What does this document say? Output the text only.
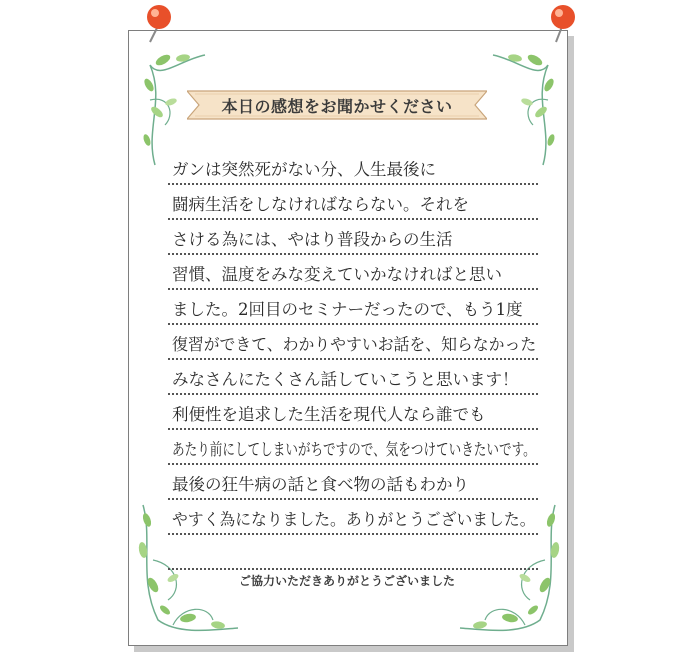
本日の感想をお聞かせください
ガンは突然死がない分、人生最後に
闘病生活をしなければならない。それを
さける為には、やはり普段からの生活
習慣、温度をみな変えていかなければと思い
ました。2回目のセミナーだったので、もう1度
復習ができて、わかりやすいお話を、知らなかった
みなさんにたくさん話していこうと思います！
利便性を追求した生活を現代人なら誰でも
あたり前にしてしまいがちですので、気をつけていきたいです。
最後の狂牛病の話と食べ物の話もわかり
やすく為になりました。ありがとうございました。
ご協力いただきありがとうございました
